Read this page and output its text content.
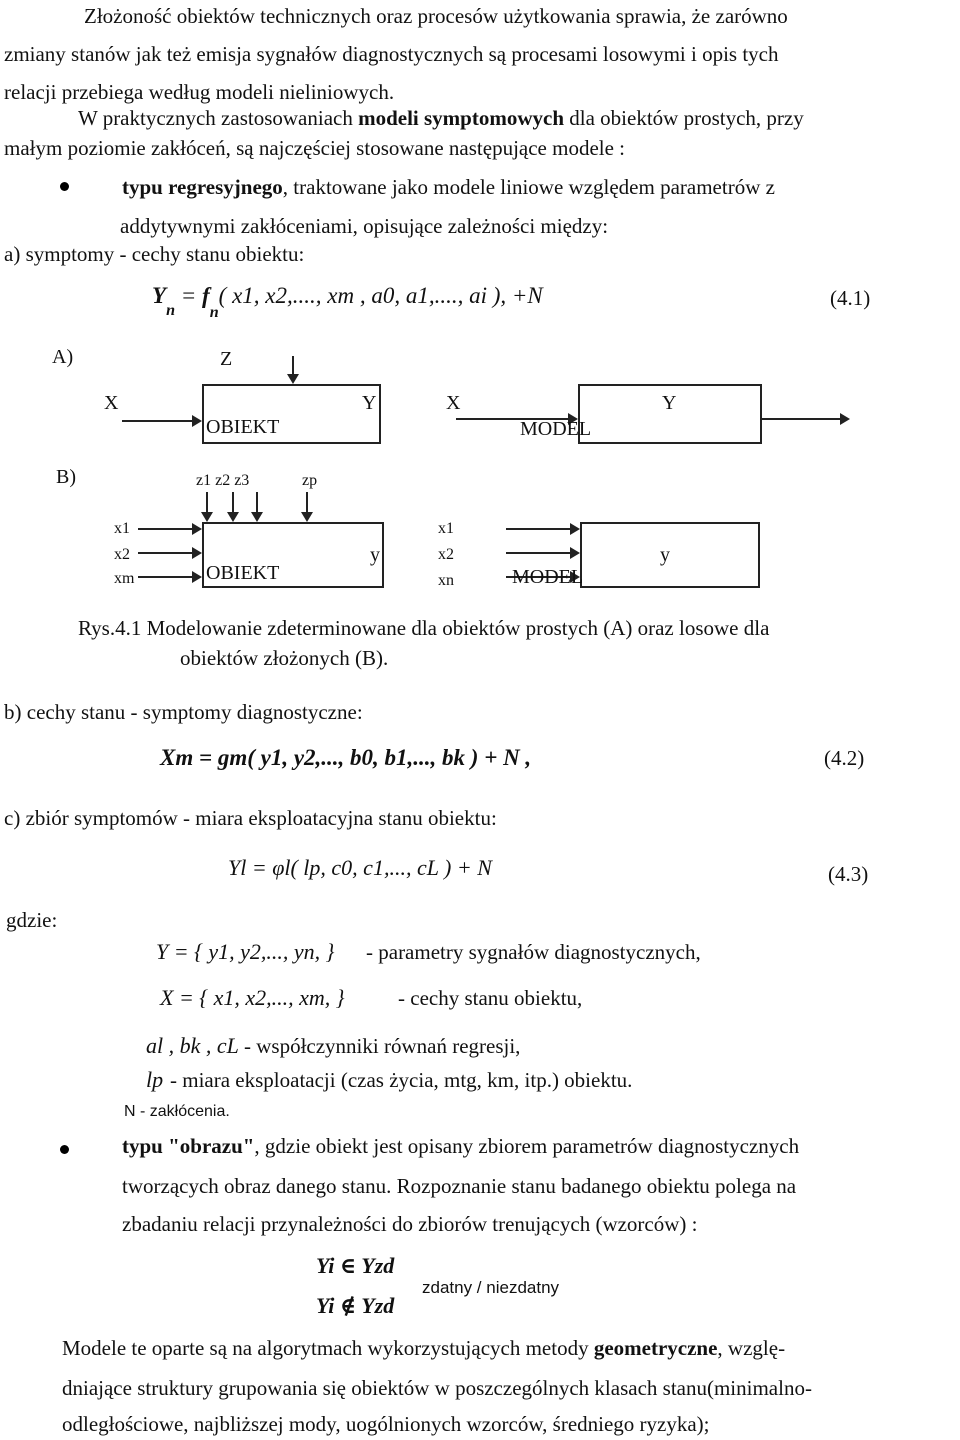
Złożoność obiektów technicznych oraz procesów użytkowania sprawia, że zarówno
zmiany stanów jak też emisja sygnałów diagnostycznych są procesami losowymi i opis tych
relacji przebiega według modeli nieliniowych.
W praktycznych zastosowaniach modeli symptomowych dla obiektów prostych, przy
małym poziomie zakłóceń, są najczęściej stosowane następujące modele :
typu regresyjnego, traktowane jako modele liniowe względem parametrów z
addytywnymi zakłóceniami, opisujące zależności między:
a) symptomy - cechy stanu obiektu:
$Y_n = f_n$( x1, x2,...., xm , a0, a1,...., ai ), +N	(4.1)
A)	Z
OBIEKT
X	Y	X
MODEL
Y
B)	z1 z2 z3	zp
OBIEKT
x1
x2
xm
y
x1
x2
xn	MODEL
y
Rys.4.1 Modelowanie zdeterminowane dla obiektów prostych (A) oraz losowe dla
obiektów złożonych (B).
b) cechy stanu - symptomy diagnostyczne:
Xm = gm( y1, y2,..., b0, b1,..., bk ) + N ,	(4.2)
c) zbiór symptomów - miara eksploatacyjna stanu obiektu:
Yl = φl( lp, c0, c1,..., cL ) + N	(4.3)
gdzie:
Y = { y1, y2,..., yn, } - parametry sygnałów diagnostycznych,
X = { x1, x2,..., xm, }	- cechy stanu obiektu,
al , bk , cL - współczynniki równań regresji,
lp - miara eksploatacji (czas życia, mtg, km, itp.) obiektu.
N - zakłócenia.
typu "obrazu", gdzie obiekt jest opisany zbiorem parametrów diagnostycznych
tworzących obraz danego stanu. Rozpoznanie stanu badanego obiektu polega na
zbadaniu relacji przynależności do zbiorów trenujących (wzorców) :
Yi ∈ Yzd
Yi ∉ Yzd
zdatny / niezdatny
Modele te oparte są na algorytmach wykorzystujących metody geometryczne, wzglę-
dniające struktury grupowania się obiektów w poszczególnych klasach stanu(minimalno-
odległościowe, najbliższej mody, uogólnionych wzorców, średniego ryzyka);
